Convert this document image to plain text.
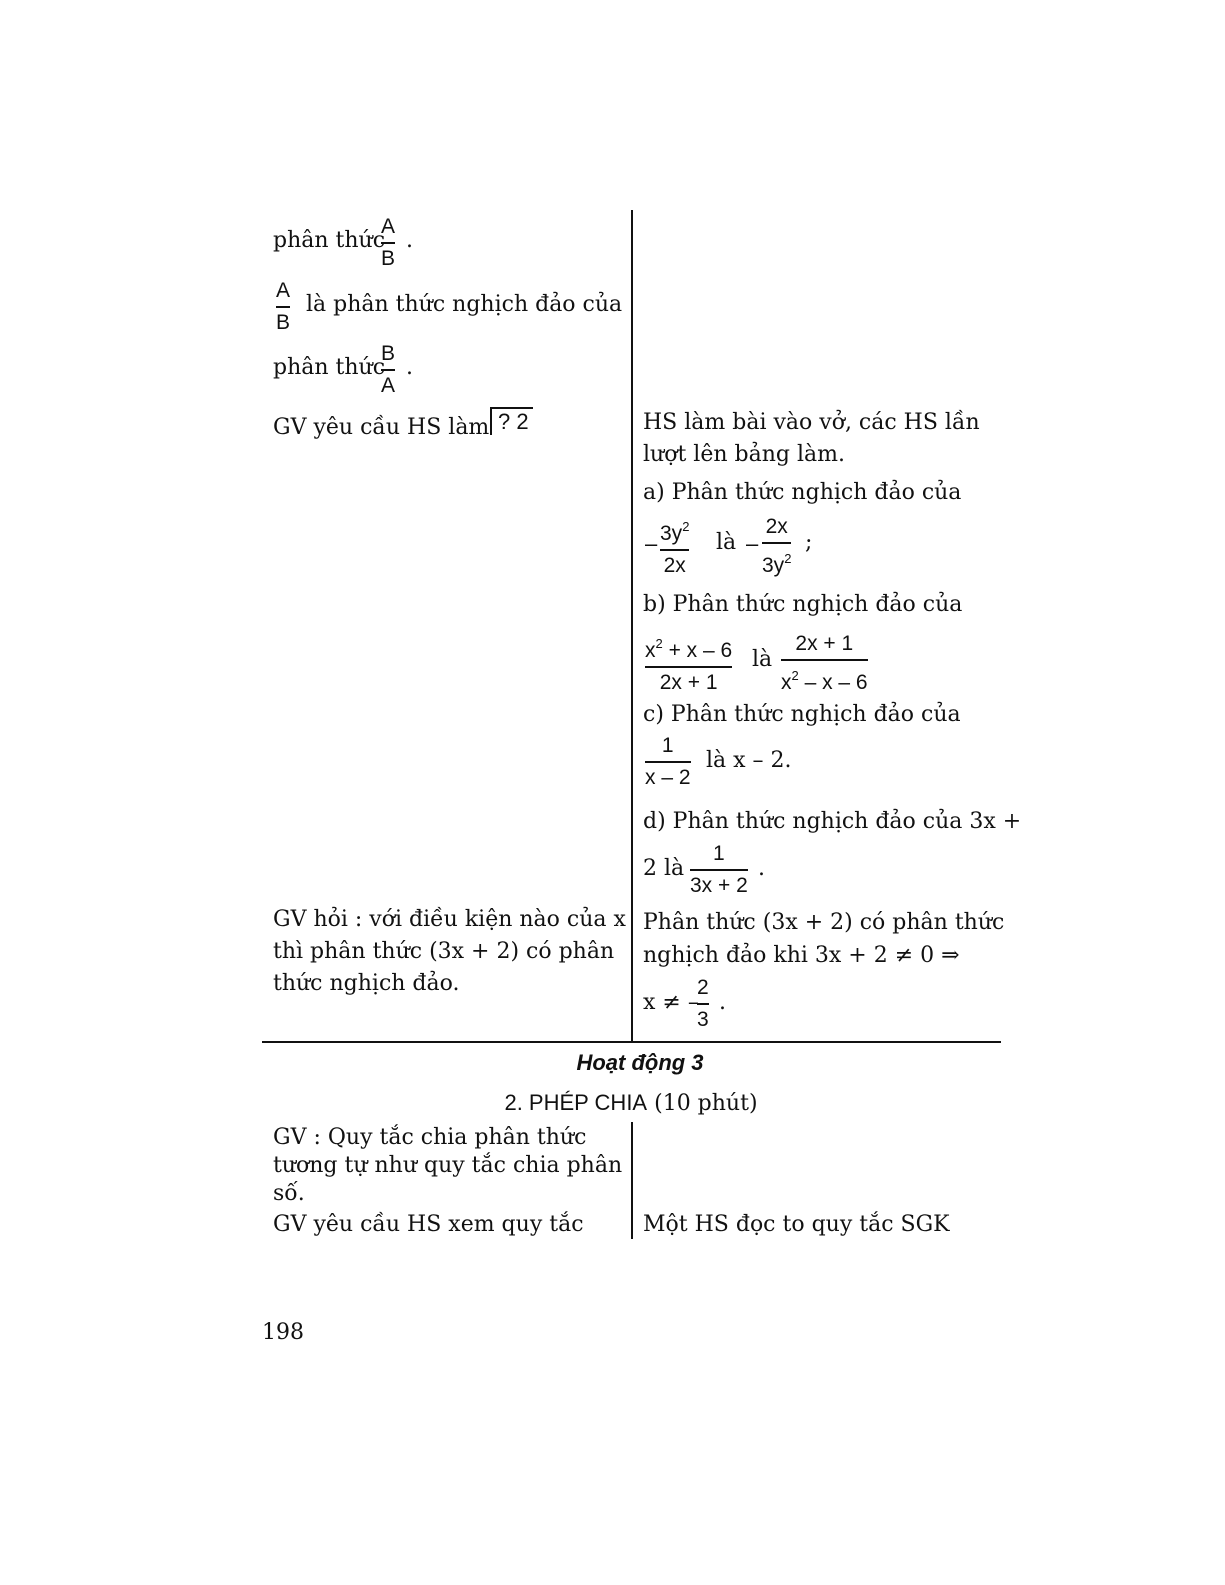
phân thức
A
B
.
A
B
là phân thức nghịch đảo của
phân thức
B
A
.
GV yêu cầu HS làm ? 2
GV hỏi : với điều kiện nào của x
thì phân thức (3x + 2) có phân
thức nghịch đảo.
GV : Quy tắc chia phân thức
tương tự như quy tắc chia phân
số.
GV yêu cầu HS xem quy tắc
HS làm bài vào vở, các HS lần
lượt lên bảng làm.
a) Phân thức nghịch đảo của
– $3y^2$
2x
là –
2x
$3y^2$
;
b) Phân thức nghịch đảo của
$x^2 + x - 6$
2x + 1
là
2x + 1
$x^2$ – x – 6
c) Phân thức nghịch đảo của
1
x – 2
là x – 2.
d) Phân thức nghịch đảo của 3x +
2 là
1
3x + 2
.
Phân thức (3x + 2) có phân thức
nghịch đảo khi 3x + 2 ≠ 0 ⇒
x ≠ –
2
3
.
Một HS đọc to quy tắc SGK
Hoạt động 3
2. PHÉP CHIA (10 phút)
198
